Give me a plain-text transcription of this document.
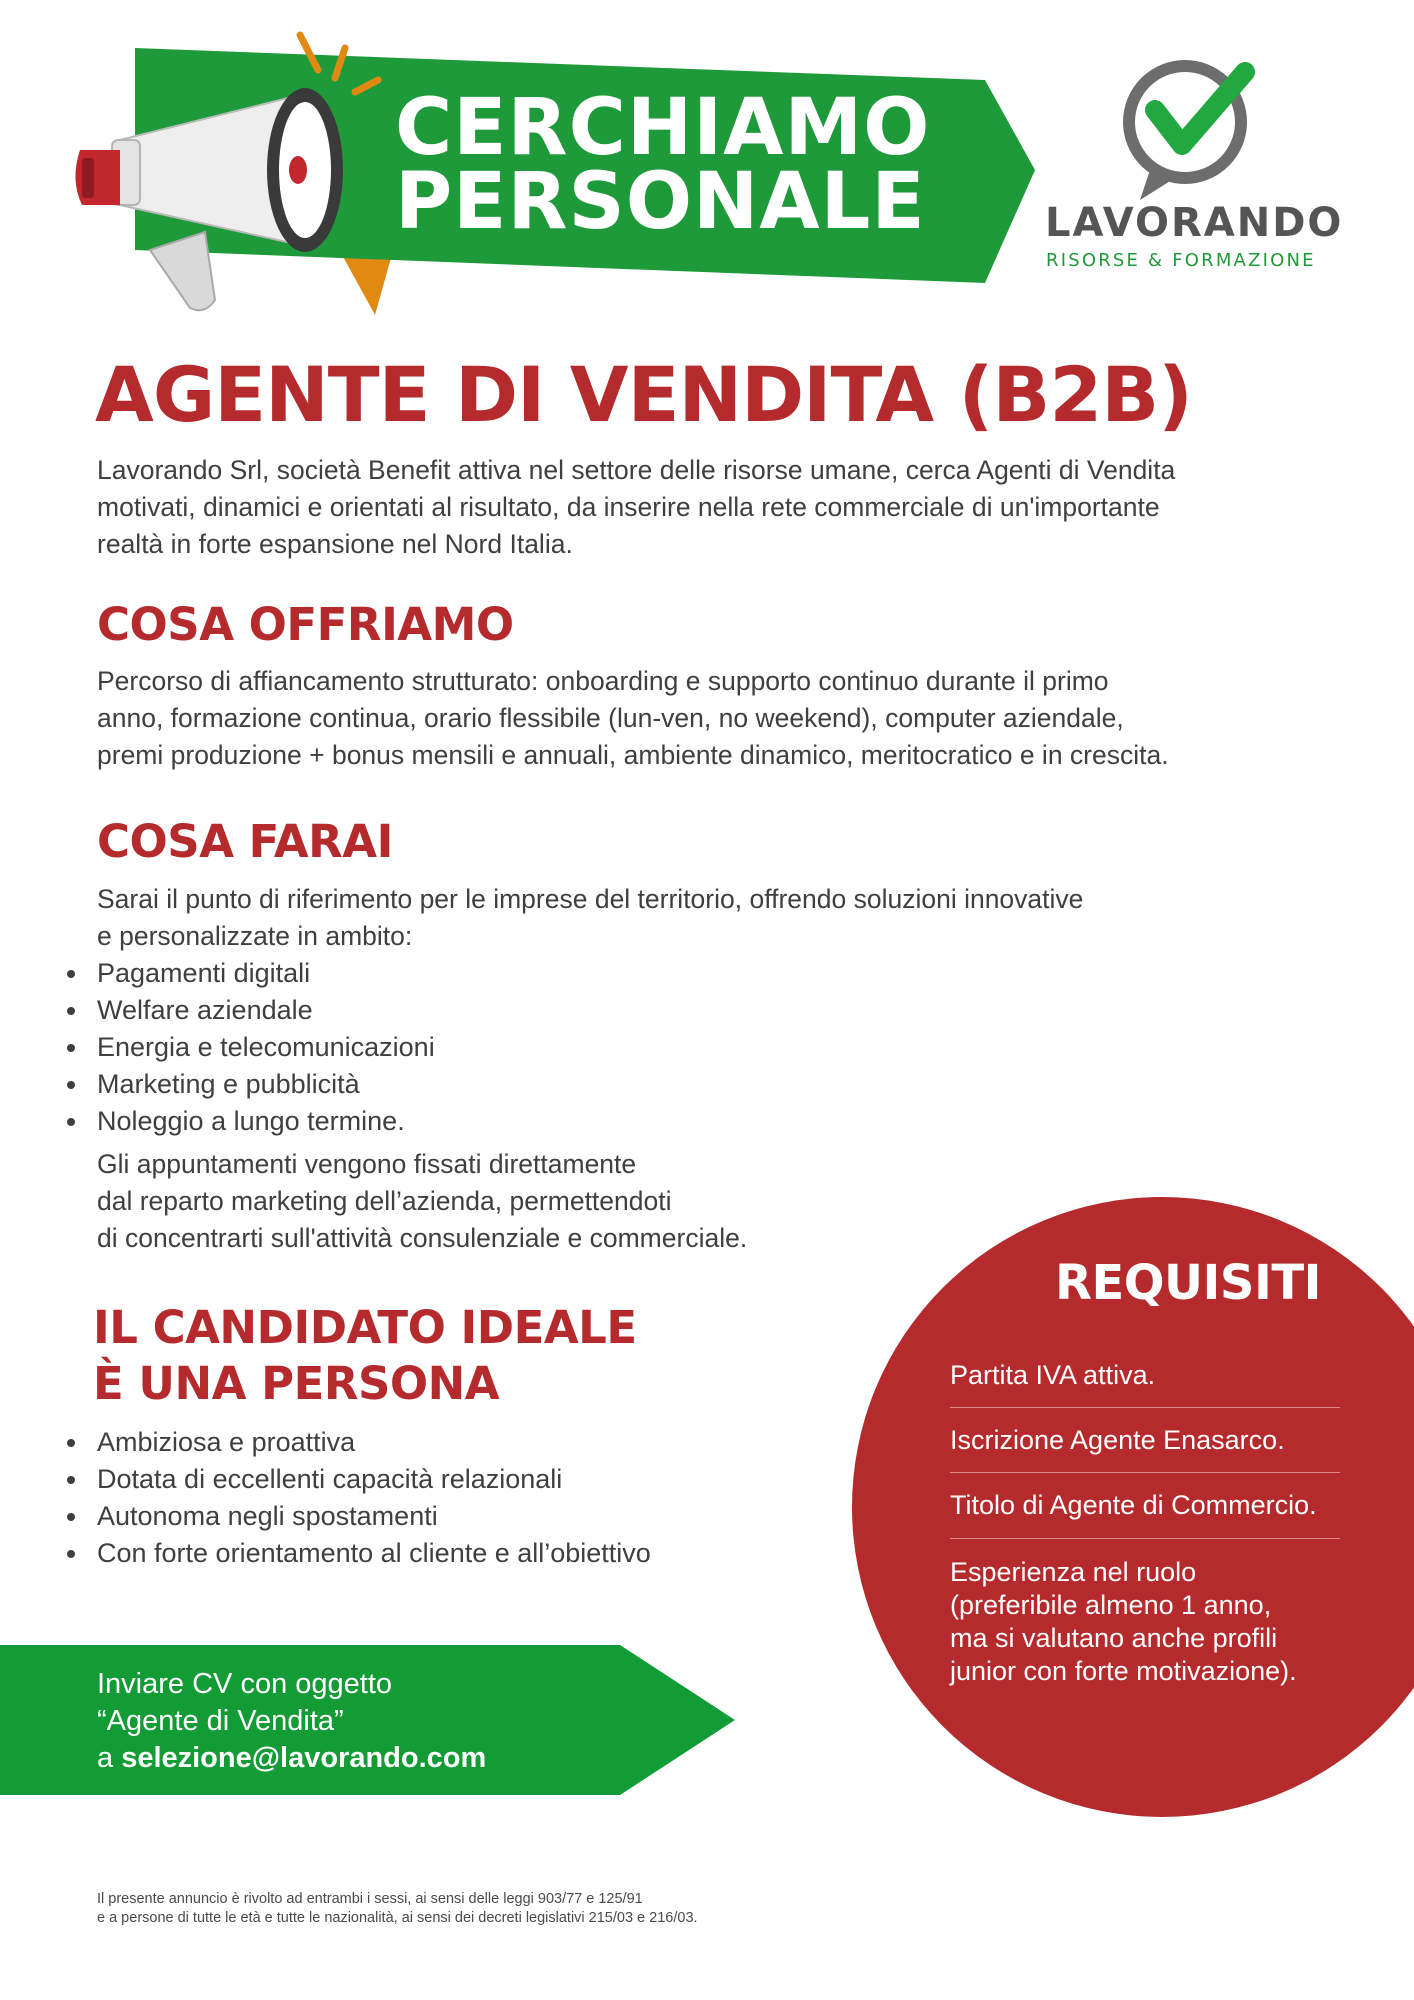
CERCHIAMO
PERSONALE	LAVORANDO
RISORSE & FORMAZIONE
AGENTE DI VENDITA (B2B)
Lavorando Srl, società Benefit attiva nel settore delle risorse umane, cerca Agenti di Vendita
motivati, dinamici e orientati al risultato, da inserire nella rete commerciale di un'importante
realtà in forte espansione nel Nord Italia.
COSA OFFRIAMO
Percorso di affiancamento strutturato: onboarding e supporto continuo durante il primo
anno, formazione continua, orario flessibile (lun-ven, no weekend), computer aziendale,
premi produzione + bonus mensili e annuali, ambiente dinamico, meritocratico e in crescita.
COSA FARAI
Sarai il punto di riferimento per le imprese del territorio, offrendo soluzioni innovative
e personalizzate in ambito:
Pagamenti digitali
Welfare aziendale
Energia e telecomunicazioni
Marketing e pubblicità
Noleggio a lungo termine.
Gli appuntamenti vengono fissati direttamente
dal reparto marketing dell’azienda, permettendoti
di concentrarti sull'attività consulenziale e commerciale.
IL CANDIDATO IDEALE
È UNA PERSONA
Ambiziosa e proattiva
Dotata di eccellenti capacità relazionali
Autonoma negli spostamenti
Con forte orientamento al cliente e all’obiettivo
REQUISITI
Partita IVA attiva.
Iscrizione Agente Enasarco.
Titolo di Agente di Commercio.
Esperienza nel ruolo
(preferibile almeno 1 anno,
ma si valutano anche profili
junior con forte motivazione).
Inviare CV con oggetto
“Agente di Vendita”
a selezione@lavorando.com
Il presente annuncio è rivolto ad entrambi i sessi, ai sensi delle leggi 903/77 e 125/91
e a persone di tutte le età e tutte le nazionalità, ai sensi dei decreti legislativi 215/03 e 216/03.
